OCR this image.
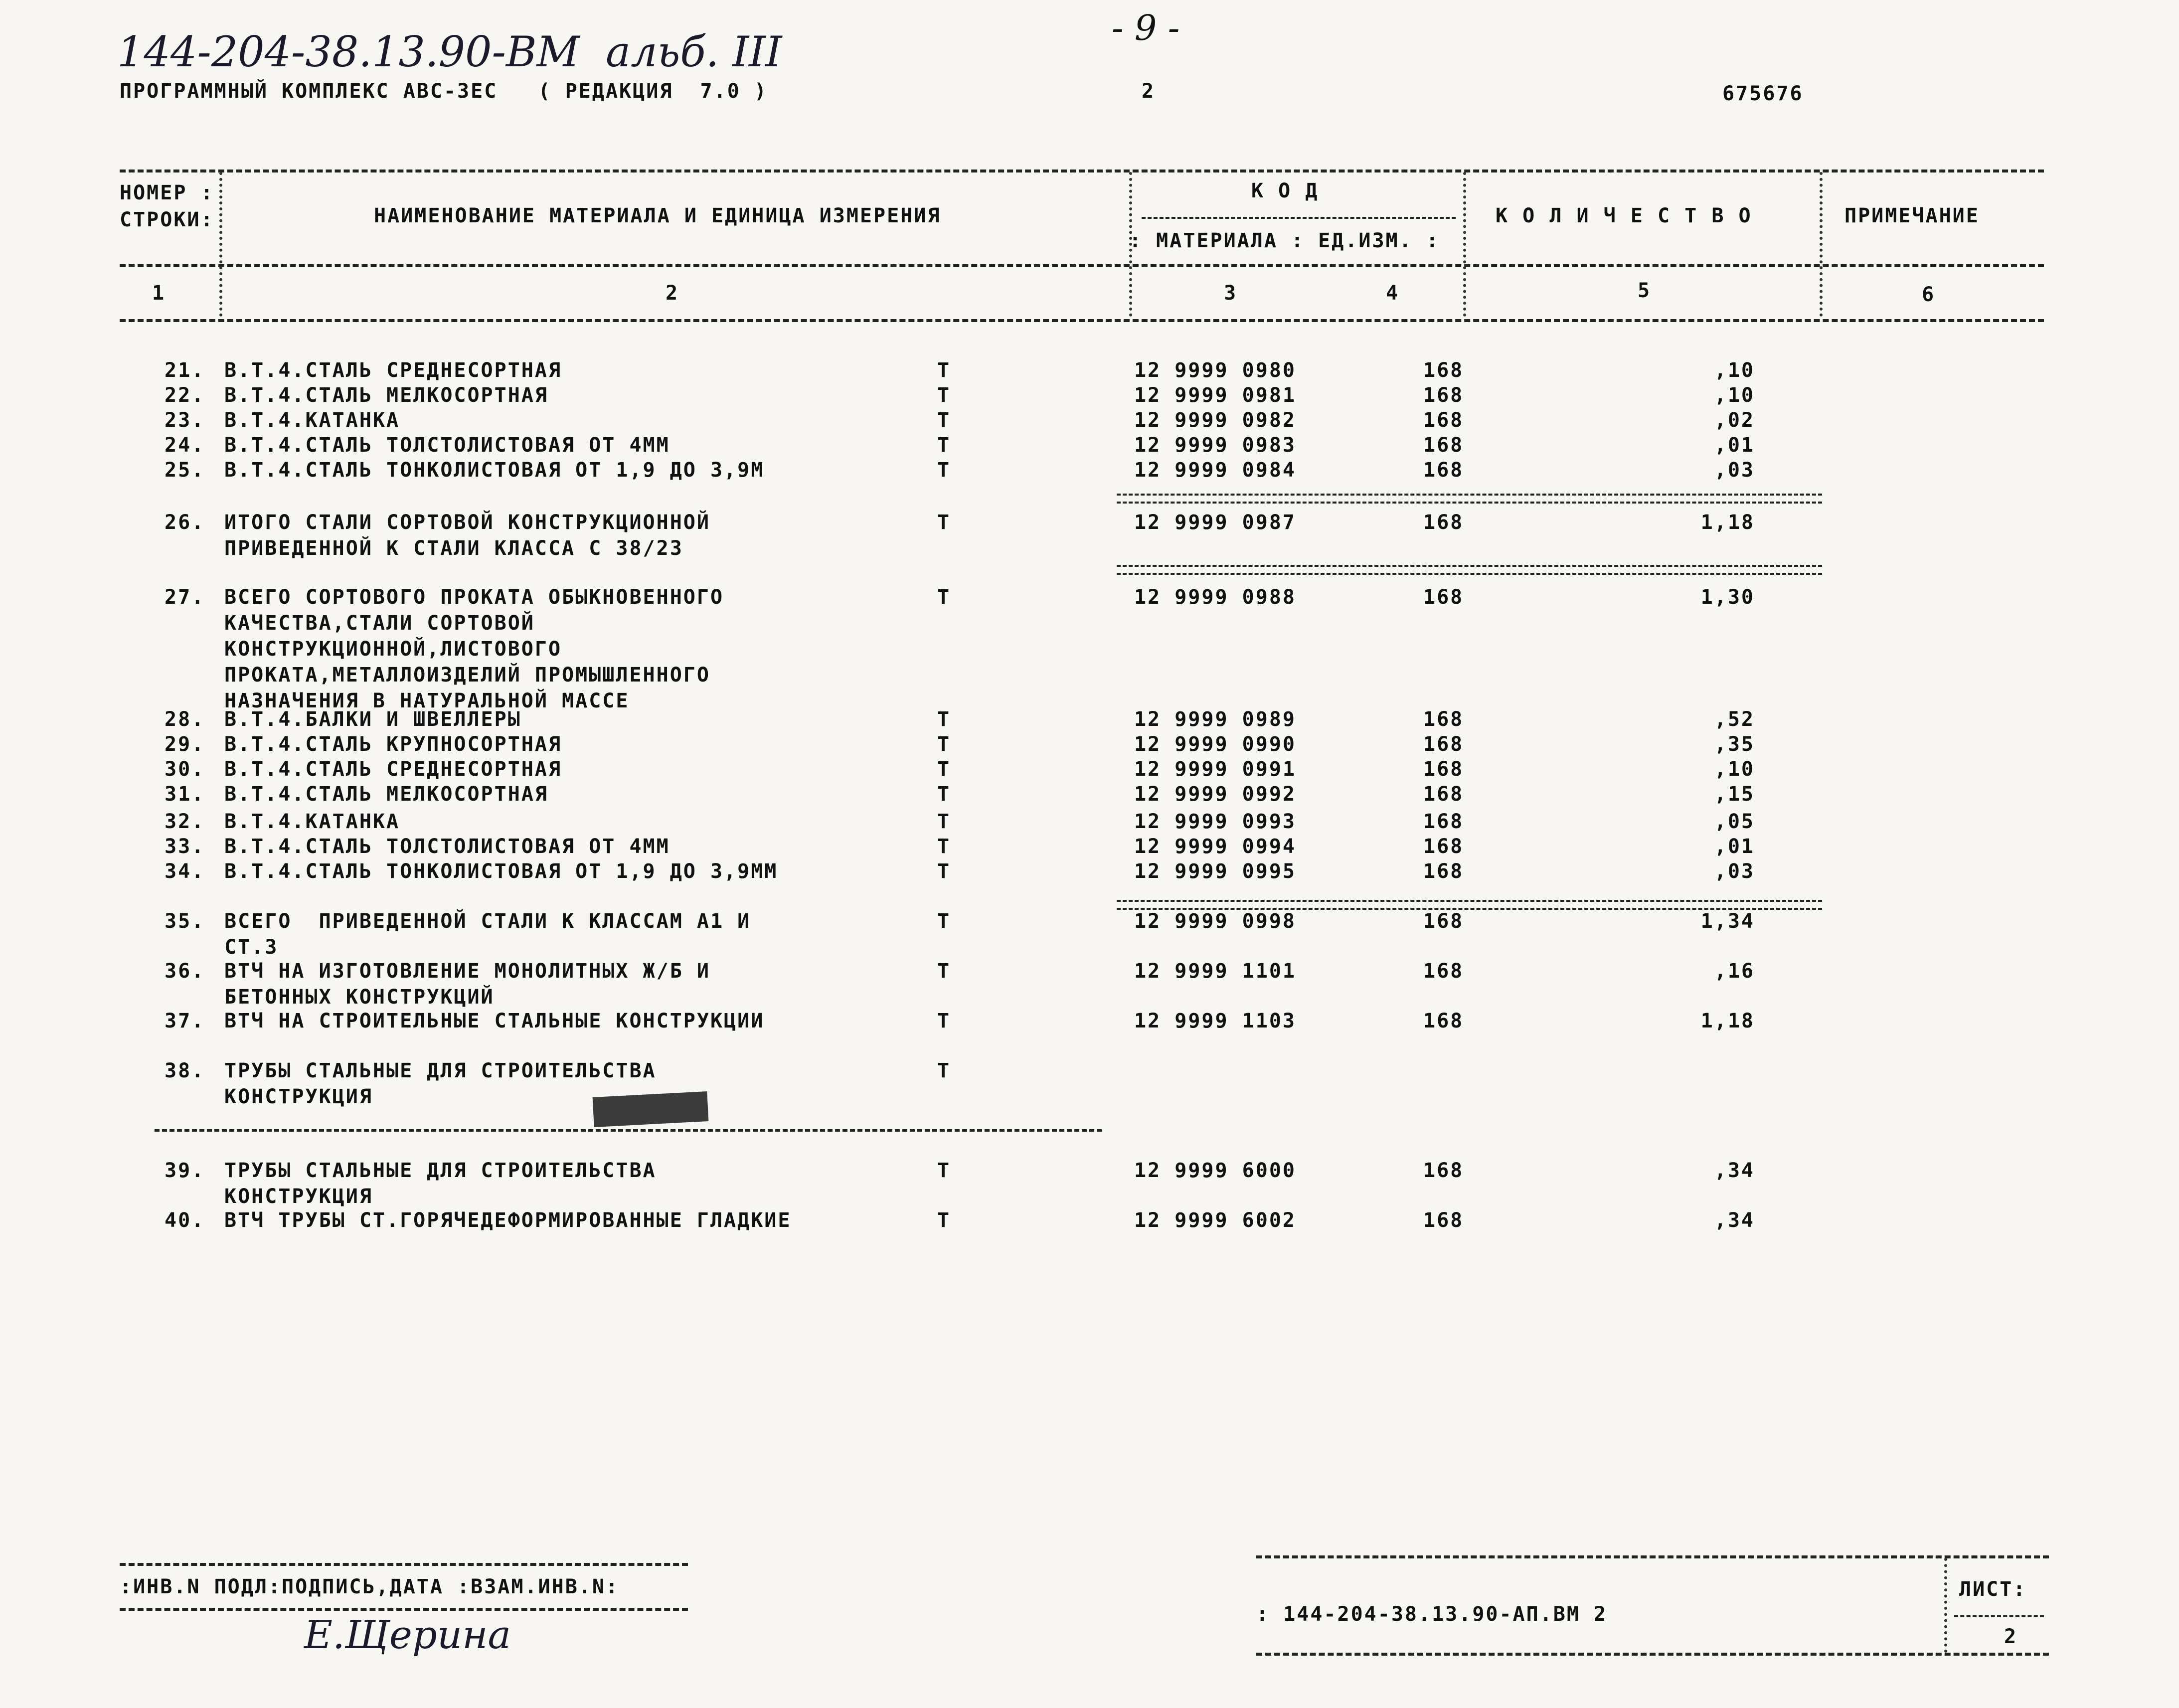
- 9 -
144-204-38.13.90-ВМ альб. III
ПРОГРАММНЫЙ КОМПЛЕКС АВС-3ЕС   ( РЕДАКЦИЯ  7.0 )	2	675676
НОМЕР :
СТРОКИ:	НАИМЕНОВАНИЕ МАТЕРИАЛА И ЕДИНИЦА ИЗМЕРЕНИЯ
К О Д
: МАТЕРИАЛА : ЕД.ИЗМ. :
К О Л И Ч Е С Т В О	ПРИМЕЧАНИЕ
1	2	3	4	5	6
21. В.Т.4.СТАЛЬ СРЕДНЕСОРТНАЯ	Т	12 9999 0980	168	,10
22. В.Т.4.СТАЛЬ МЕЛКОСОРТНАЯ	Т	12 9999 0981	168	,10
23. В.Т.4.КАТАНКА	Т	12 9999 0982	168	,02
24. В.Т.4.СТАЛЬ ТОЛСТОЛИСТОВАЯ ОТ 4ММ	Т	12 9999 0983	168	,01
25. В.Т.4.СТАЛЬ ТОНКОЛИСТОВАЯ ОТ 1,9 ДО 3,9М	Т	12 9999 0984	168	,03
26. ИТОГО СТАЛИ СОРТОВОЙ КОНСТРУКЦИОННОЙ
ПРИВЕДЕННОЙ К СТАЛИ КЛАССА С 38/23
Т	12 9999 0987	168	1,18
27. ВСЕГО СОРТОВОГО ПРОКАТА ОБЫКНОВЕННОГО
КАЧЕСТВА,СТАЛИ СОРТОВОЙ
КОНСТРУКЦИОННОЙ,ЛИСТОВОГО
ПРОКАТА,МЕТАЛЛОИЗДЕЛИЙ ПРОМЫШЛЕННОГО
НАЗНАЧЕНИЯ В НАТУРАЛЬНОЙ МАССЕ
Т	12 9999 0988	168	1,30
28. В.Т.4.БАЛКИ И ШВЕЛЛЕРЫ	Т	12 9999 0989	168	,52
29. В.Т.4.СТАЛЬ КРУПНОСОРТНАЯ	Т	12 9999 0990	168	,35
30. В.Т.4.СТАЛЬ СРЕДНЕСОРТНАЯ	Т	12 9999 0991	168	,10
31. В.Т.4.СТАЛЬ МЕЛКОСОРТНАЯ	Т	12 9999 0992	168	,15
32. В.Т.4.КАТАНКА	Т	12 9999 0993	168	,05
33. В.Т.4.СТАЛЬ ТОЛСТОЛИСТОВАЯ ОТ 4ММ	Т	12 9999 0994	168	,01
34. В.Т.4.СТАЛЬ ТОНКОЛИСТОВАЯ ОТ 1,9 ДО 3,9ММ	Т	12 9999 0995	168	,03
35. ВСЕГО  ПРИВЕДЕННОЙ СТАЛИ К КЛАССАМ А1 И
СТ.3
Т	12 9999 0998	168	1,34
36. ВТЧ НА ИЗГОТОВЛЕНИЕ МОНОЛИТНЫХ Ж/Б И
БЕТОННЫХ КОНСТРУКЦИЙ
Т	12 9999 1101	168	,16
37. ВТЧ НА СТРОИТЕЛЬНЫЕ СТАЛЬНЫЕ КОНСТРУКЦИИ	Т	12 9999 1103	168	1,18
38. ТРУБЫ СТАЛЬНЫЕ ДЛЯ СТРОИТЕЛЬСТВА
КОНСТРУКЦИЯ
Т
39. ТРУБЫ СТАЛЬНЫЕ ДЛЯ СТРОИТЕЛЬСТВА
КОНСТРУКЦИЯ
Т	12 9999 6000	168	,34
40. ВТЧ ТРУБЫ СТ.ГОРЯЧЕДЕФОРМИРОВАННЫЕ ГЛАДКИЕ	Т	12 9999 6002	168	,34
:ИНВ.N ПОДЛ:ПОДПИСЬ,ДАТА :ВЗАМ.ИНВ.N:
Е.Щерина	: 144-204-38.13.90-АП.ВМ 2
ЛИСТ:
2
